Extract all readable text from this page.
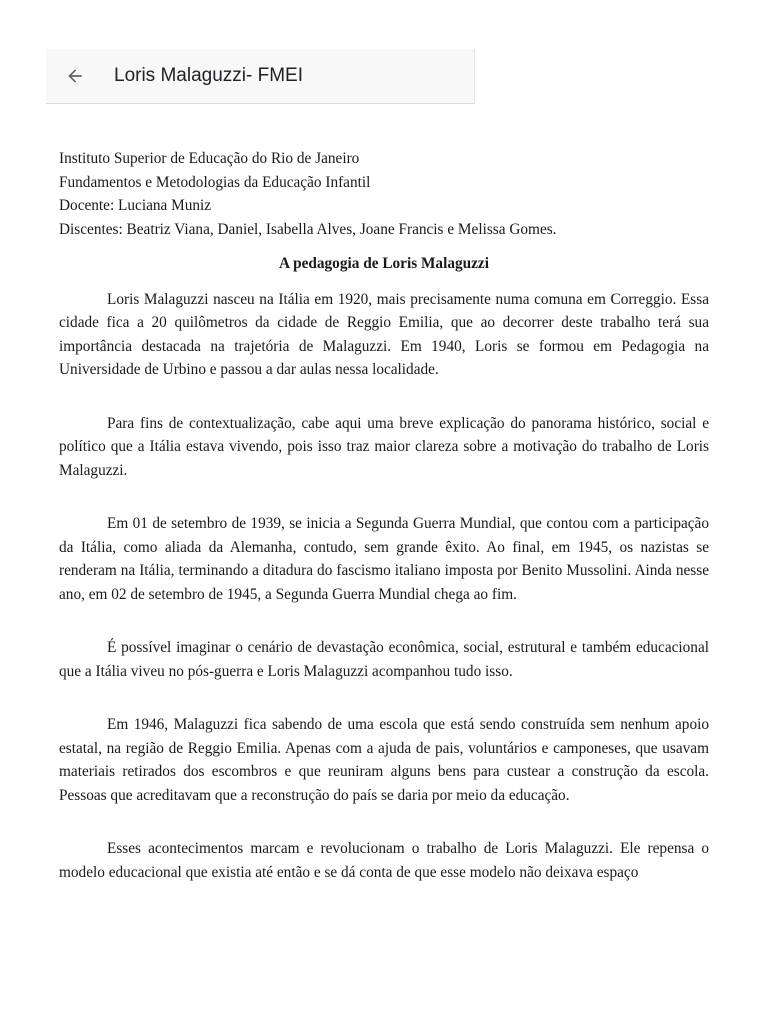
Loris Malaguzzi- FMEI

Instituto Superior de Educação do Rio de Janeiro

Fundamentos e Metodologias da Educação Infantil

Docente: Luciana Muniz

Discentes: Beatriz Viana, Daniel, Isabella Alves, Joane Francis e Melissa Gomes.

A pedagogia de Loris Malaguzzi

Loris Malaguzzi nasceu na Itália em 1920, mais precisamente numa comuna em Correggio. Essa cidade fica a 20 quilômetros da cidade de Reggio Emilia, que ao decorrer deste trabalho terá sua importância destacada na trajetória de Malaguzzi. Em 1940, Loris se formou em Pedagogia na Universidade de Urbino e passou a dar aulas nessa localidade.

Para fins de contextualização, cabe aqui uma breve explicação do panorama histórico, social e político que a Itália estava vivendo, pois isso traz maior clareza sobre a motivação do trabalho de Loris Malaguzzi.

Em 01 de setembro de 1939, se inicia a Segunda Guerra Mundial, que contou com a participação da Itália, como aliada da Alemanha, contudo, sem grande êxito. Ao final, em 1945, os nazistas se renderam na Itália, terminando a ditadura do fascismo italiano imposta por Benito Mussolini. Ainda nesse ano, em 02 de setembro de 1945, a Segunda Guerra Mundial chega ao fim.

É possível imaginar o cenário de devastação econômica, social, estrutural e também educacional que a Itália viveu no pós-guerra e Loris Malaguzzi acompanhou tudo isso.

Em 1946, Malaguzzi fica sabendo de uma escola que está sendo construída sem nenhum apoio estatal, na região de Reggio Emilia. Apenas com a ajuda de pais, voluntários e camponeses, que usavam materiais retirados dos escombros e que reuniram alguns bens para custear a construção da escola. Pessoas que acreditavam que a reconstrução do país se daria por meio da educação.

Esses acontecimentos marcam e revolucionam o trabalho de Loris Malaguzzi. Ele repensa o modelo educacional que existia até então e se dá conta de que esse modelo não deixava espaço
